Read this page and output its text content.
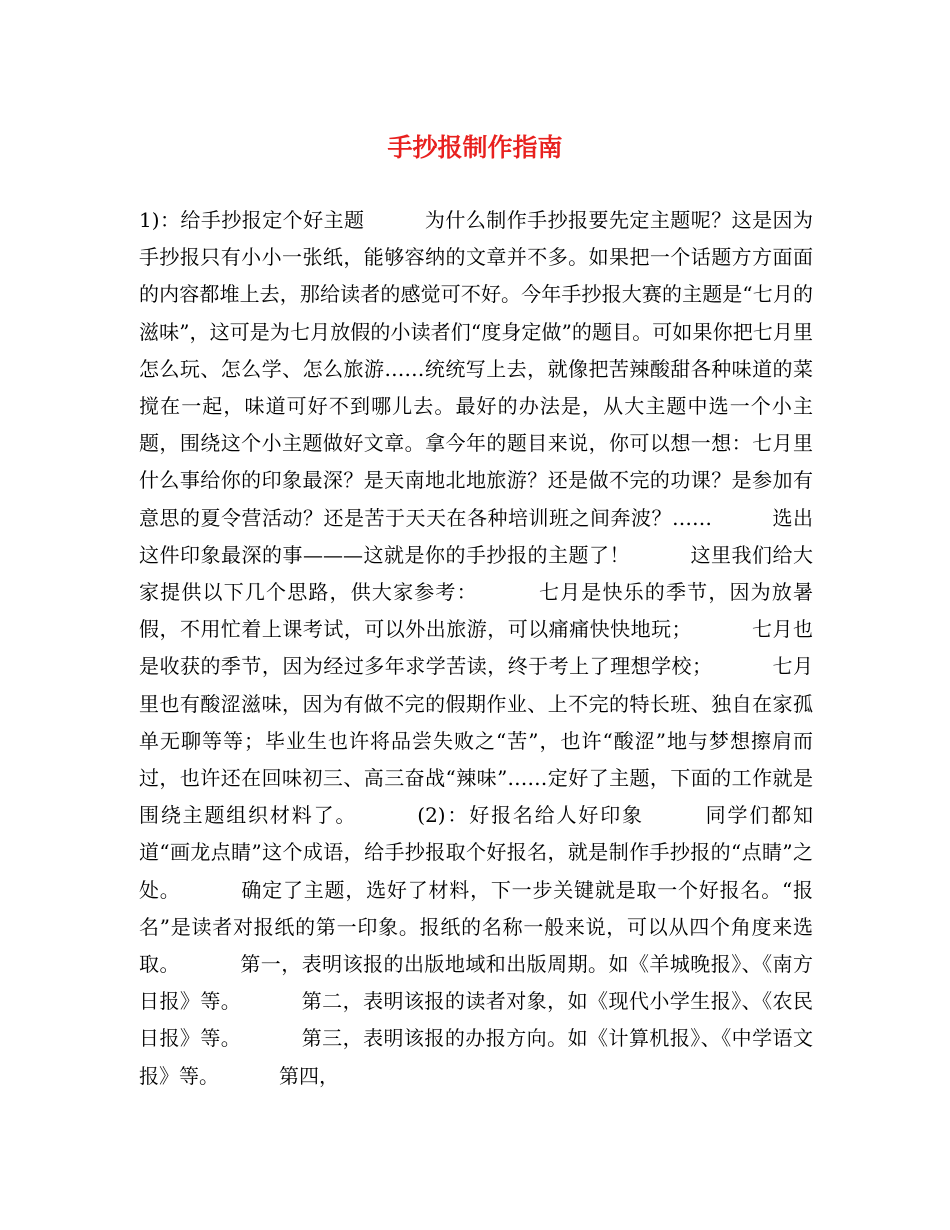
手抄报制作指南

1)：给手抄报定个好主题	为什么制作手抄报要先定主题呢？这是因为手抄报只有小小一张纸，能够容纳的文章并不多。如果把一个话题方方面面的内容都堆上去，那给读者的感觉可不好。今年手抄报大赛的主题是“七月的滋味”，这可是为七月放假的小读者们“度身定做”的题目。可如果你把七月里怎么玩、怎么学、怎么旅游……统统写上去，就像把苦辣酸甜各种味道的菜搅在一起，味道可好不到哪儿去。最好的办法是，从大主题中选一个小主题，围绕这个小主题做好文章。拿今年的题目来说，你可以想一想：七月里什么事给你的印象最深？是天南地北地旅游？还是做不完的功课？是参加有意思的夏令营活动？还是苦于天天在各种培训班之间奔波？……	选出这件印象最深的事———这就是你的手抄报的主题了！	这里我们给大家提供以下几个思路，供大家参考：	七月是快乐的季节，因为放暑假，不用忙着上课考试，可以外出旅游，可以痛痛快快地玩；	七月也是收获的季节，因为经过多年求学苦读，终于考上了理想学校；	七月里也有酸涩滋味，因为有做不完的假期作业、上不完的特长班、独自在家孤单无聊等等；毕业生也许将品尝失败之“苦”，也许“酸涩”地与梦想擦肩而过，也许还在回味初三、高三奋战“辣味”……定好了主题，下面的工作就是围绕主题组织材料了。	(2)：好报名给人好印象	同学们都知道“画龙点睛”这个成语，给手抄报取个好报名，就是制作手抄报的“点睛”之处。	确定了主题，选好了材料，下一步关键就是取一个好报名。“报名”是读者对报纸的第一印象。报纸的名称一般来说，可以从四个角度来选取。	第一，表明该报的出版地域和出版周期。如《羊城晚报》、《南方日报》等。	第二，表明该报的读者对象，如《现代小学生报》、《农民日报》等。	第三，表明该报的办报方向。如《计算机报》、《中学语文报》等。	第四，
